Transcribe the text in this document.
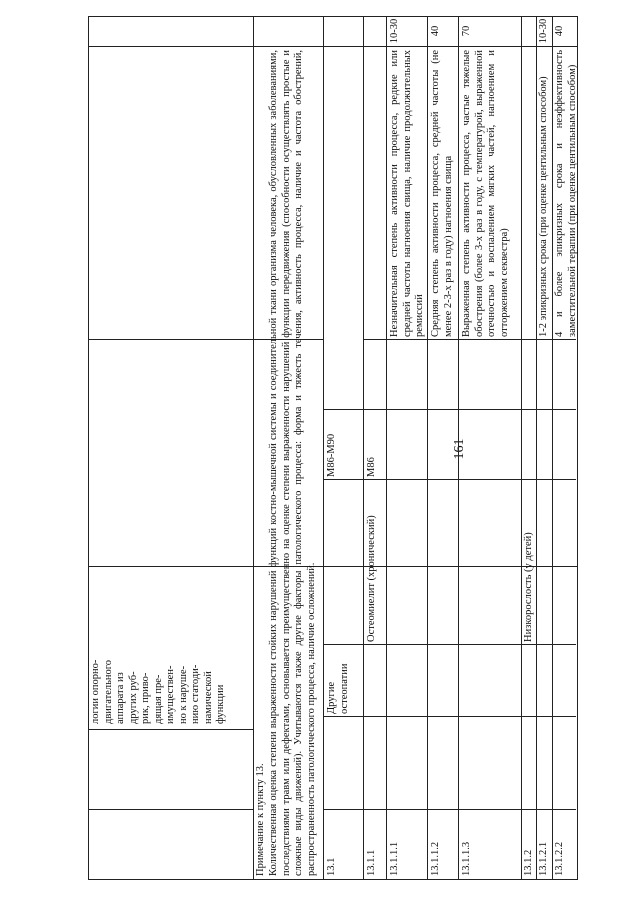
161
логии опорно-
двигательного
аппарата из
других руб-
рик, приво-
дящая пре-
имуществен-
но к наруше-
нию статоди-
намической
функции
Примечание к пункту 13. Количественная оценка степени выраженности стойких нарушений функций костно-мышечной системы и соединительной ткани организма человека, обусловленных заболеваниями, последствиями травм или дефектами, основывается преимущественно на оценке степени выраженности нарушений функции передвижения (способности осуществлять простые и сложные виды движений). Учитываются также другие факторы патологического процесса: форма и тяжесть течения, активность процесса, наличие и частота обострений, распространенность патологического процесса, наличие осложнений. 13.1
Другие остеопатии
M86-M90
13.1.1
Остеомиелит (хронический)
M86
13.1.1.1
Незначительная степень активности процесса, редкие или средней частоты нагноения свища, наличие продолжительных ремиссий
10-30
13.1.1.2
Средняя степень активности процесса, средней частоты (не менее 2-3-х раз в году) нагноения свища
40
13.1.1.3
Выраженная степень активности процесса, частые тяжелые обострения (более 3-х раз в году, с температурой, выраженной отечностью и воспалением мягких частей, нагноением и отторжением секвестра)
70
13.1.2
Низкорослость (у детей)
13.1.2.1
1-2 эпикризных срока (при оценке центильным способом)
10-30
13.1.2.2
4 и более эпикризных срока и неэффективность заместительной терапии (при оценке центильным способом)
40
